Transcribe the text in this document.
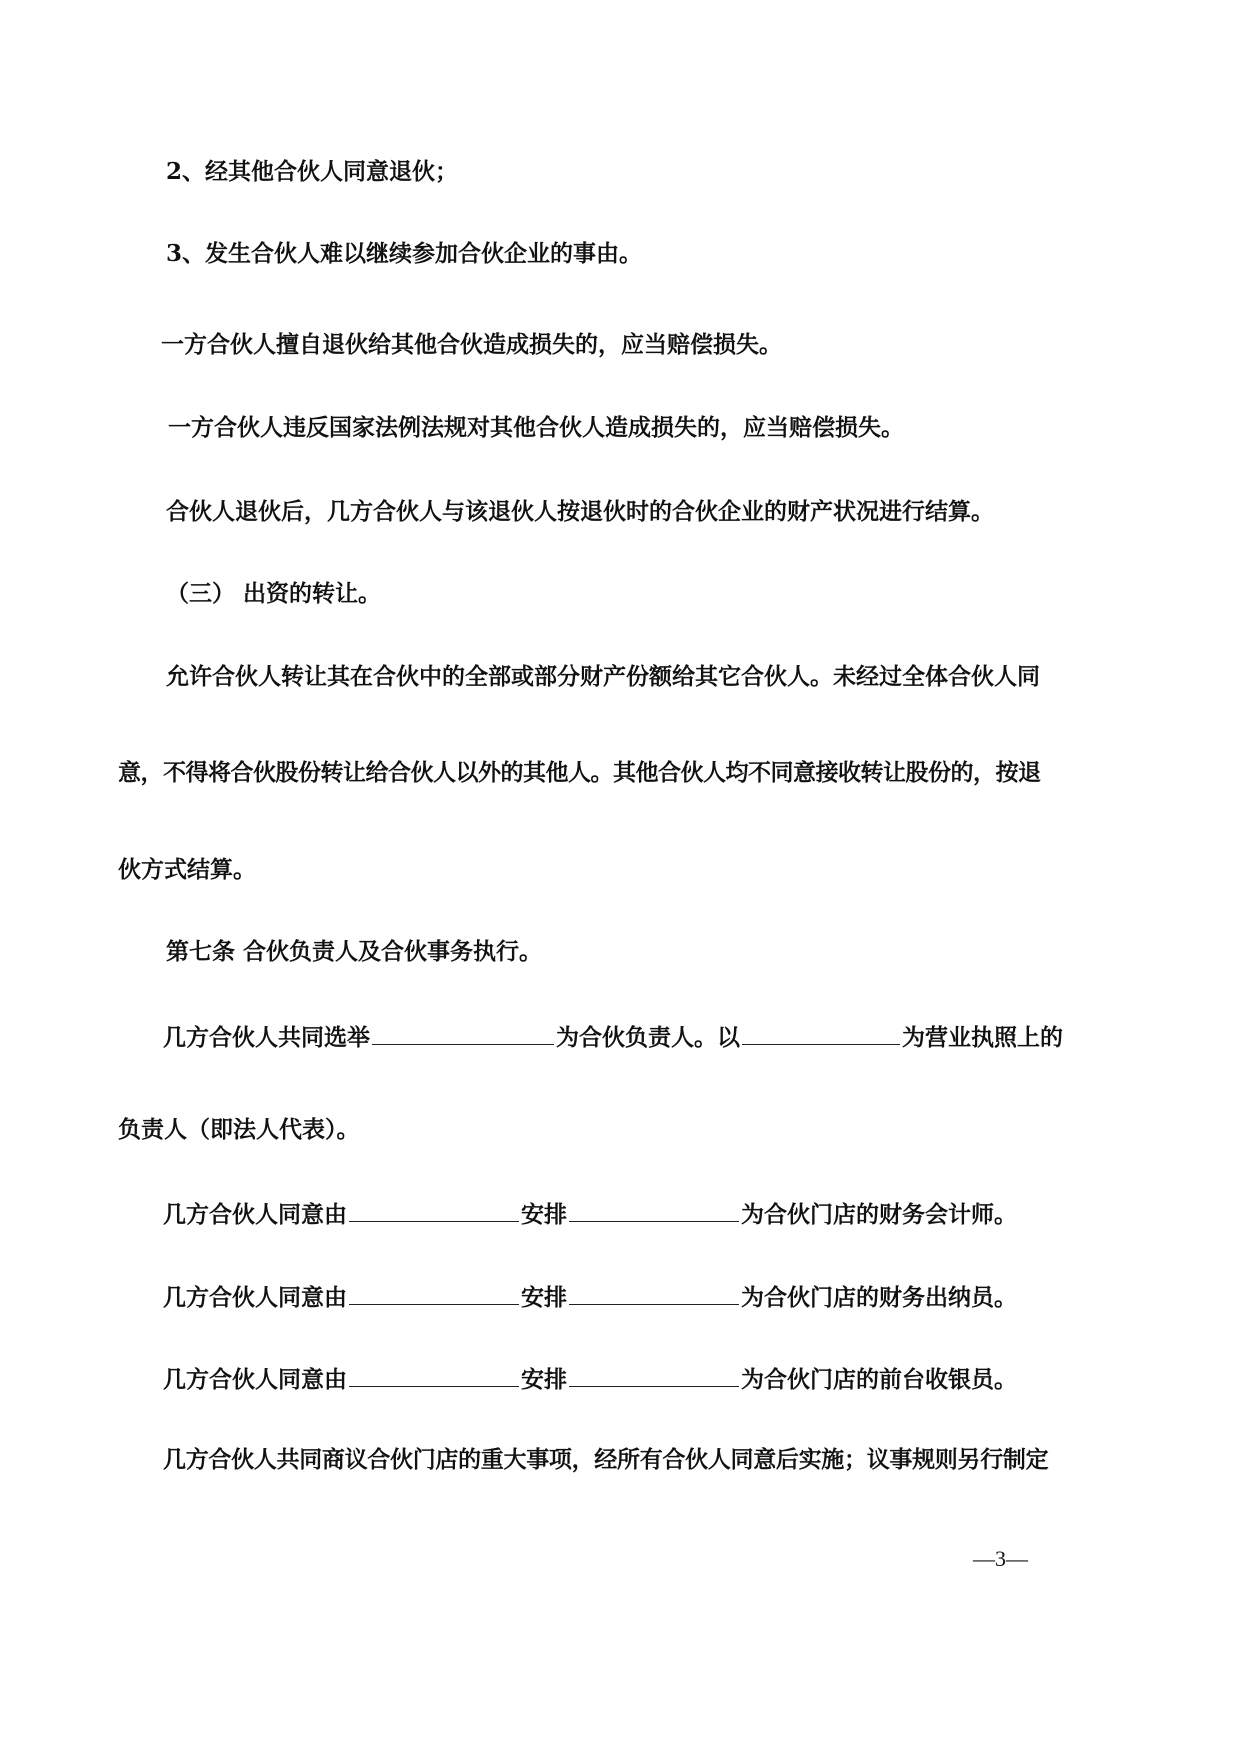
2、经其他合伙人同意退伙；
3、发生合伙人难以继续参加合伙企业的事由。
一方合伙人擅自退伙给其他合伙造成损失的，应当赔偿损失。
一方合伙人违反国家法例法规对其他合伙人造成损失的，应当赔偿损失。
合伙人退伙后，几方合伙人与该退伙人按退伙时的合伙企业的财产状况进行结算。
（三） 出资的转让。
允许合伙人转让其在合伙中的全部或部分财产份额给其它合伙人。未经过全体合伙人同
意，不得将合伙股份转让给合伙人以外的其他人。其他合伙人均不同意接收转让股份的，按退
伙方式结算。
第七条 合伙负责人及合伙事务执行。
几方合伙人共同选举	为合伙负责人。以	为营业执照上的
负责人（即法人代表）。
几方合伙人同意由	安排	为合伙门店的财务会计师。
几方合伙人同意由	安排	为合伙门店的财务出纳员。
几方合伙人同意由	安排	为合伙门店的前台收银员。
几方合伙人共同商议合伙门店的重大事项，经所有合伙人同意后实施；议事规则另行制定
—3—
